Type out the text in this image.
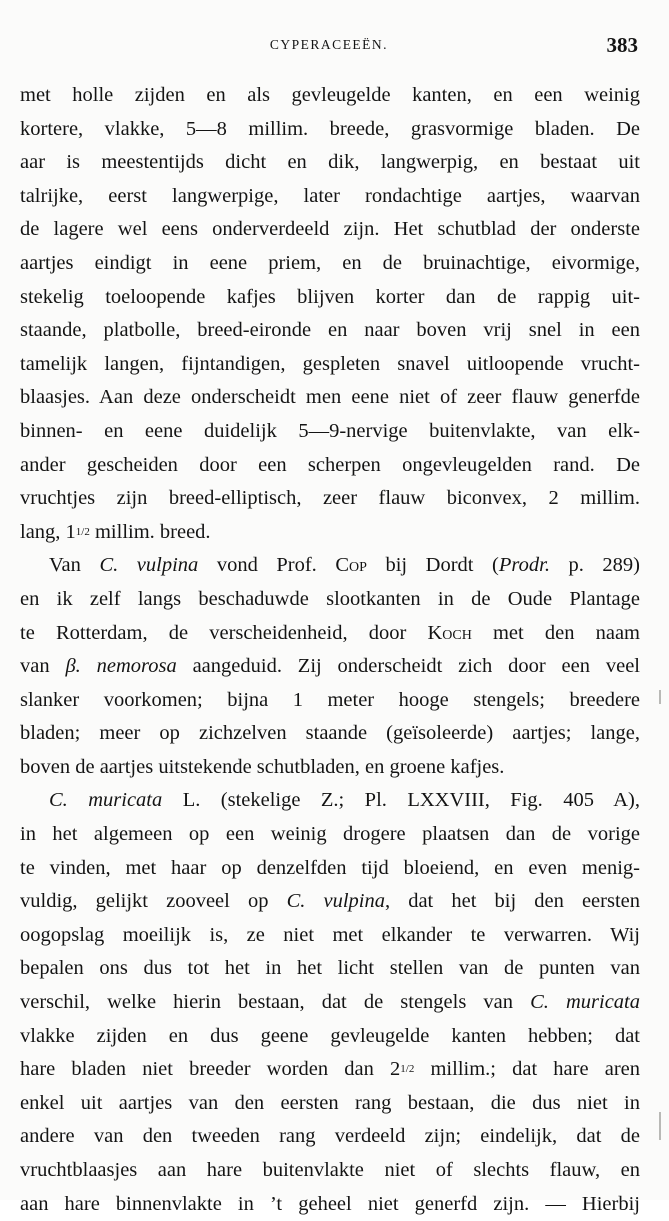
CYPERACEEËN.	383
met holle zijden en als gevleugelde kanten, en een weinig
kortere, vlakke, 5—8 millim. breede, grasvormige bladen. De
aar is meestentijds dicht en dik, langwerpig, en bestaat uit
talrijke, eerst langwerpige, later rondachtige aartjes, waarvan
de lagere wel eens onderverdeeld zijn. Het schutblad der onderste
aartjes eindigt in eene priem, en de bruinachtige, eivormige,
stekelig toeloopende kafjes blijven korter dan de rappig uit-
staande, platbolle, breed-eironde en naar boven vrij snel in een
tamelijk langen, fijntandigen, gespleten snavel uitloopende vrucht-
blaasjes. Aan deze onderscheidt men eene niet of zeer flauw generfde
binnen- en eene duidelijk 5—9-nervige buitenvlakte, van elk-
ander gescheiden door een scherpen ongevleugelden rand. De
vruchtjes zijn breed-elliptisch, zeer flauw biconvex, 2 millim.
lang, 11/2 millim. breed.
Van C. vulpina vond Prof. Cop bij Dordt (Prodr. p. 289)
en ik zelf langs beschaduwde slootkanten in de Oude Plantage
te Rotterdam, de verscheidenheid, door Koch met den naam
van β. nemorosa aangeduid. Zij onderscheidt zich door een veel
slanker voorkomen; bijna 1 meter hooge stengels; breedere
bladen; meer op zichzelven staande (geïsoleerde) aartjes; lange,
boven de aartjes uitstekende schutbladen, en groene kafjes.
C. muricata L. (stekelige Z.; Pl. LXXVIII, Fig. 405 A),
in het algemeen op een weinig drogere plaatsen dan de vorige
te vinden, met haar op denzelfden tijd bloeiend, en even menig-
vuldig, gelijkt zooveel op C. vulpina, dat het bij den eersten
oogopslag moeilijk is, ze niet met elkander te verwarren. Wij
bepalen ons dus tot het in het licht stellen van de punten van
verschil, welke hierin bestaan, dat de stengels van C. muricata
vlakke zijden en dus geene gevleugelde kanten hebben; dat
hare bladen niet breeder worden dan 21/2 millim.; dat hare aren
enkel uit aartjes van den eersten rang bestaan, die dus niet in
andere van den tweeden rang verdeeld zijn; eindelijk, dat de
vruchtblaasjes aan hare buitenvlakte niet of slechts flauw, en
aan hare binnenvlakte in ’t geheel niet generfd zijn. — Hierbij
